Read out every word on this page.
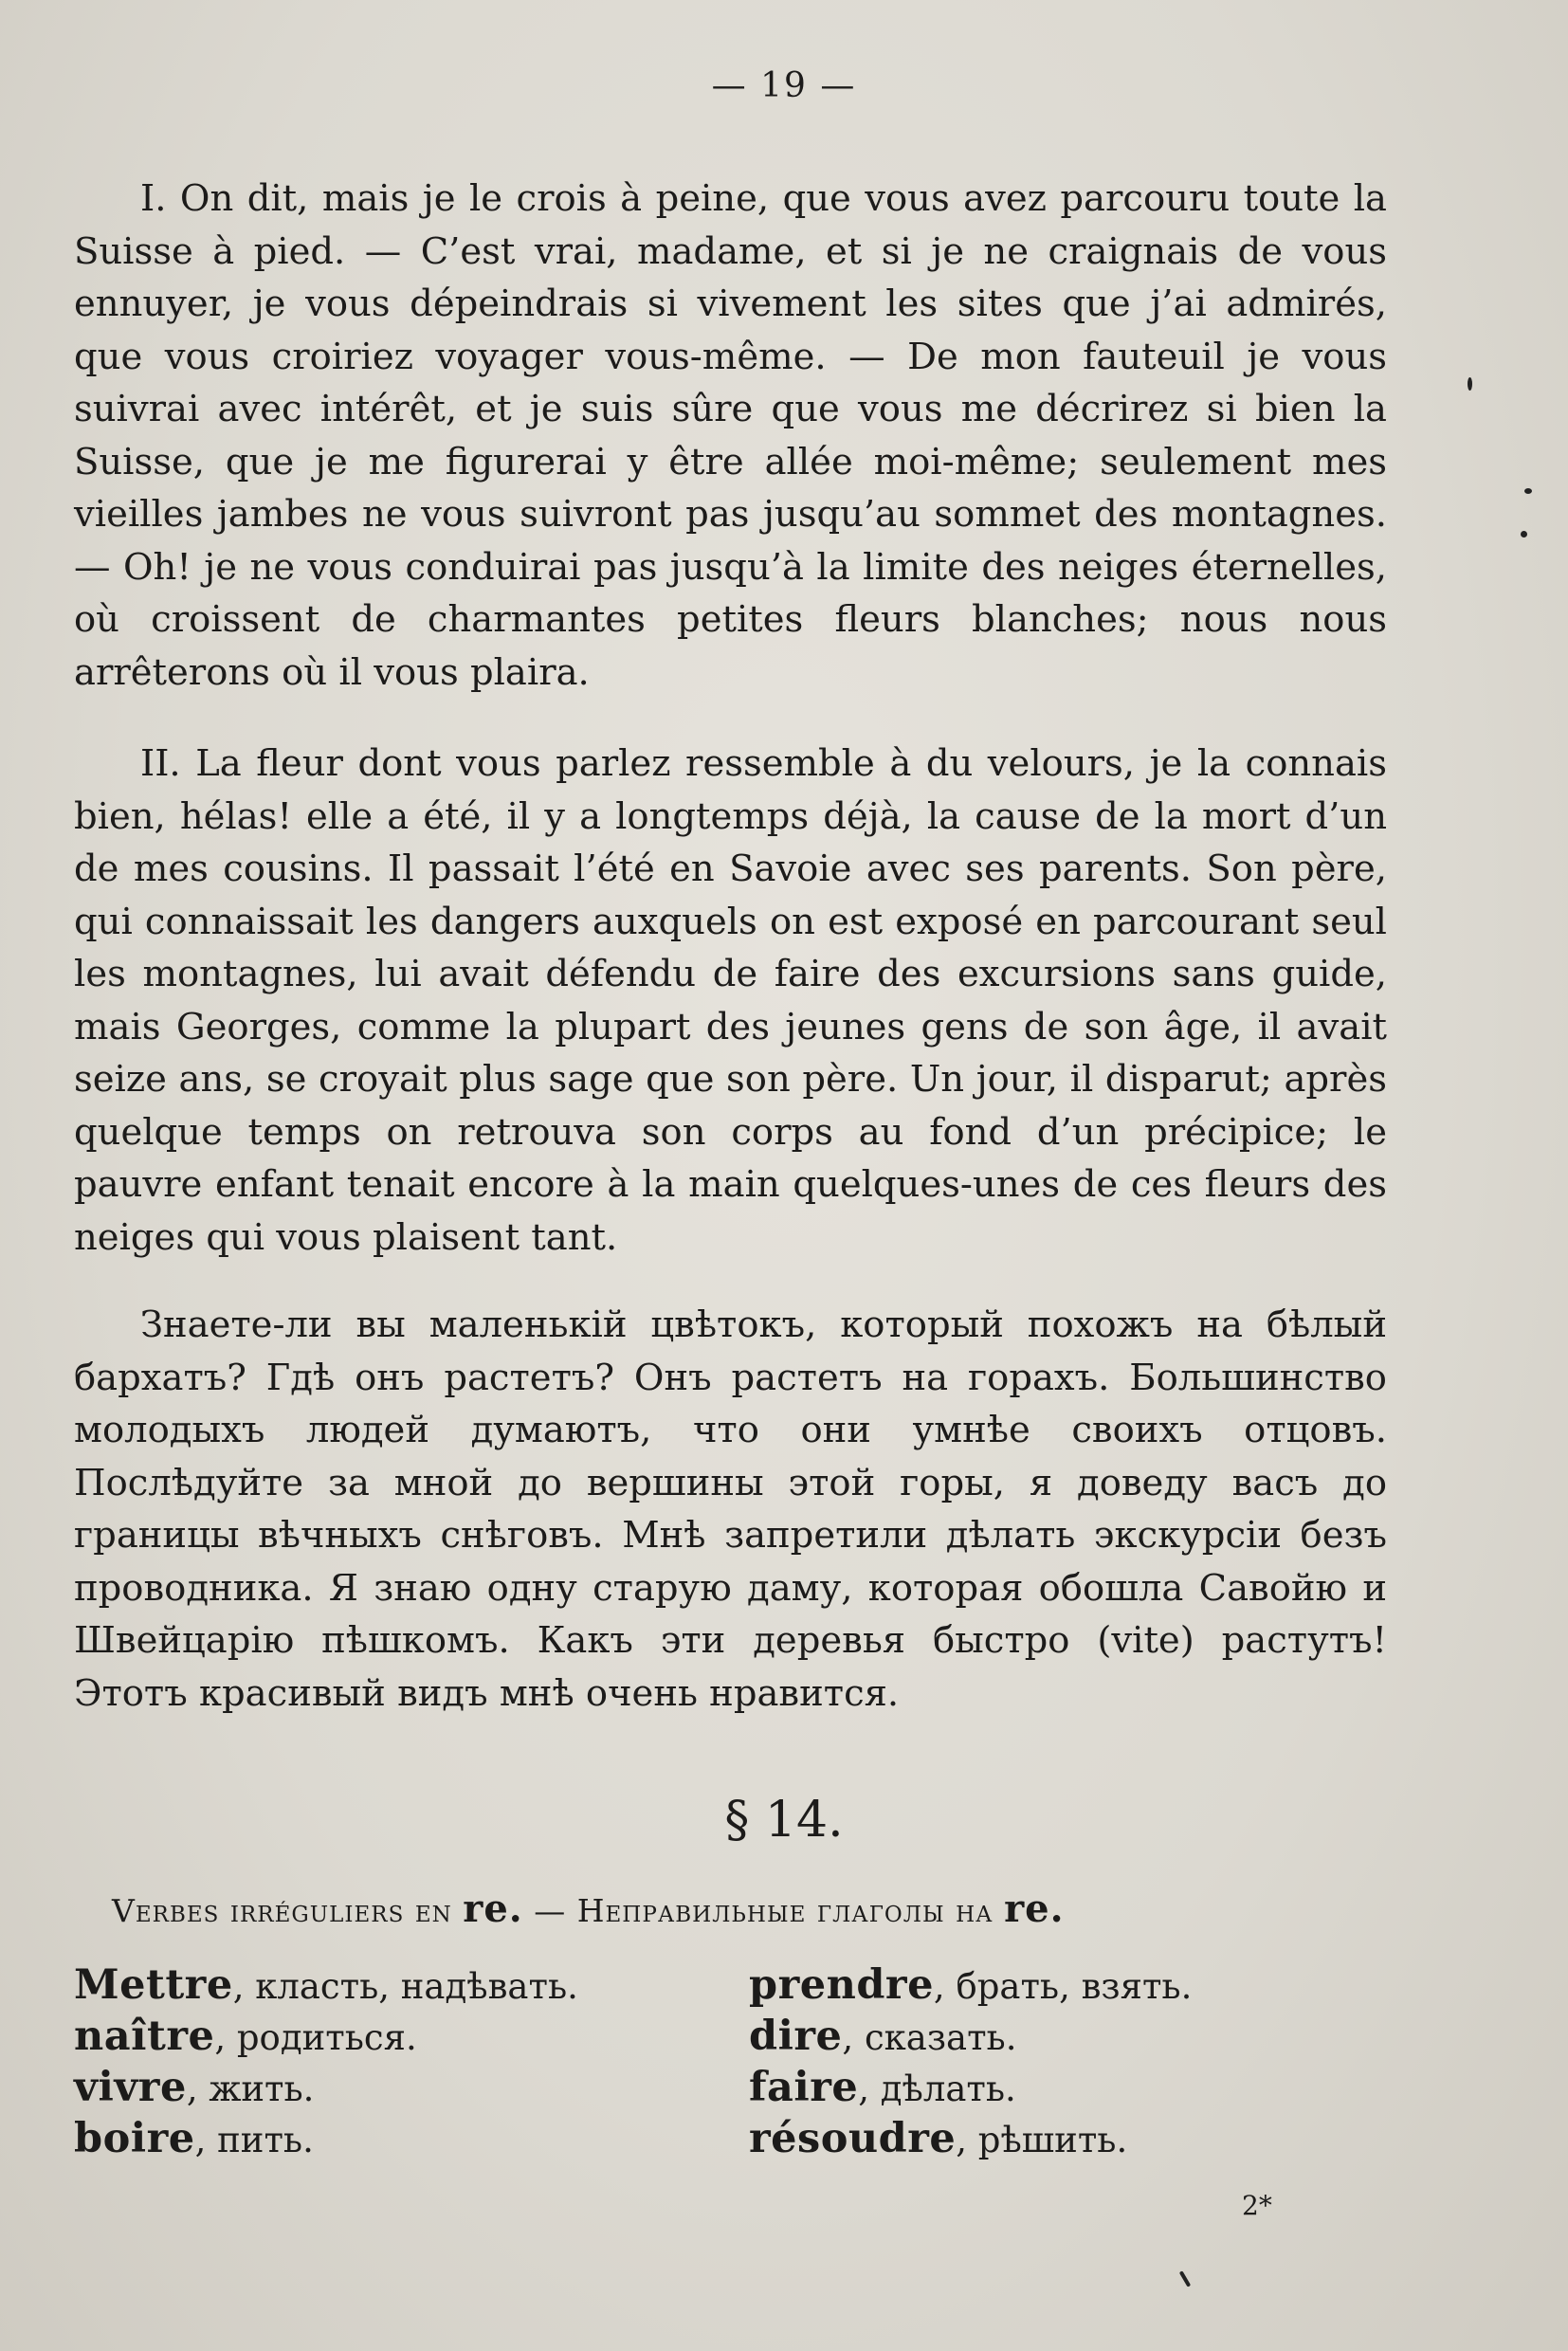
— 19 —

I. On dit, mais je le crois à peine, que vous avez parcouru toute la Suisse à pied. — C’est vrai, madame, et si je ne craignais de vous ennuyer, je vous dépeindrais si vivement les sites que j’ai admirés, que vous croiriez voyager vous-même. — De mon fauteuil je vous suivrai avec intérêt, et je suis sûre que vous me décrirez si bien la Suisse, que je me figurerai y être allée moi-même; seulement mes vieilles jambes ne vous suivront pas jusqu’au sommet des montagnes. — Oh! je ne vous conduirai pas jusqu’à la limite des neiges éternelles, où croissent de charmantes petites fleurs blanches; nous nous arrêterons où il vous plaira.

II. La fleur dont vous parlez ressemble à du velours, je la connais bien, hélas! elle a été, il y a longtemps déjà, la cause de la mort d’un de mes cousins. Il passait l’été en Savoie avec ses parents. Son père, qui connaissait les dangers auxquels on est exposé en parcourant seul les montagnes, lui avait défendu de faire des excursions sans guide, mais Georges, comme la plupart des jeunes gens de son âge, il avait seize ans, se croyait plus sage que son père. Un jour, il disparut; après quelque temps on retrouva son corps au fond d’un précipice; le pauvre enfant tenait encore à la main quelques-unes de ces fleurs des neiges qui vous plaisent tant.

Знаете-ли вы маленькій цвѣтокъ, который похожъ на бѣлый бархатъ? Гдѣ онъ растетъ? Онъ растетъ на горахъ. Большинство молодыхъ людей думаютъ, что они умнѣе своихъ отцовъ. Послѣдуйте за мной до вершины этой горы, я доведу васъ до границы вѣчныхъ снѣговъ. Мнѣ запретили дѣлать экскурсіи безъ проводника. Я знаю одну старую даму, которая обошла Савойю и Швейцарію пѣшкомъ. Какъ эти деревья быстро (vite) растутъ! Этотъ красивый видъ мнѣ очень нравится.

§ 14.
Verbes irréguliers en re. — Неправильные глаголы на re.
Mettre, класть, надѣвать.
naître, родиться.
vivre, жить.
boire, пить.
prendre, брать, взять.
dire, сказать.
faire, дѣлать.
résoudre, рѣшить.
2*
